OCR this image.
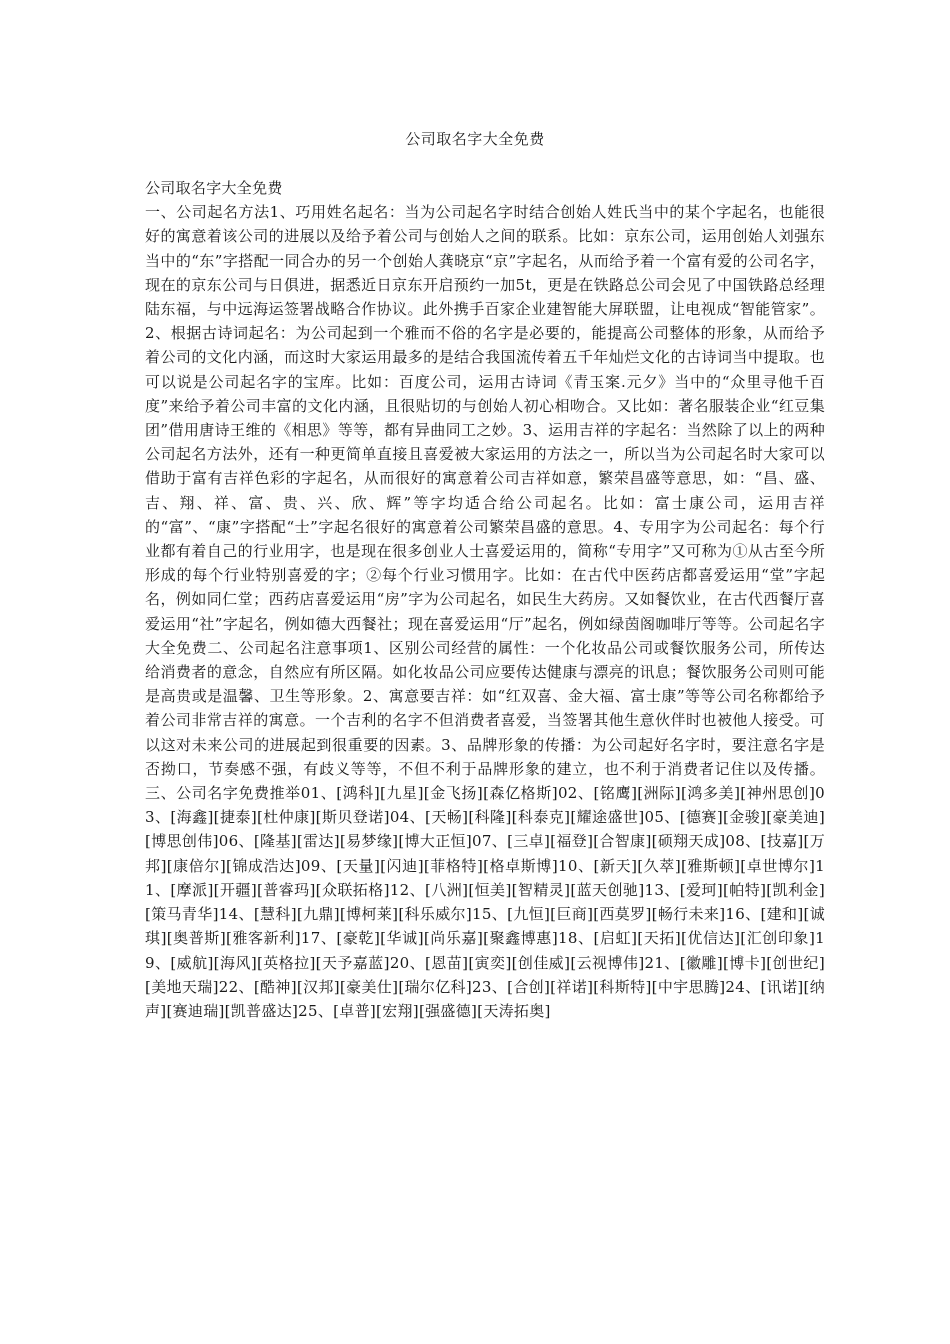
公司取名字大全免费
公司取名字大全免费
一、公司起名方法1、巧用姓名起名：当为公司起名字时结合创始人姓氏当中的某个字起名，也能很好的寓意着该公司的进展以及给予着公司与创始人之间的联系。比如：京东公司，运用创始人刘强东当中的“东”字搭配一同合办的另一个创始人龚晓京“京”字起名，从而给予着一个富有爱的公司名字，现在的京东公司与日俱进，据悉近日京东开启预约一加5t，更是在铁路总公司会见了中国铁路总经理陆东福，与中远海运签署战略合作协议。此外携手百家企业建智能大屏联盟，让电视成“智能管家”。2、根据古诗词起名：为公司起到一个雅而不俗的名字是必要的，能提高公司整体的形象，从而给予着公司的文化内涵，而这时大家运用最多的是结合我国流传着五千年灿烂文化的古诗词当中提取。也可以说是公司起名字的宝库。比如：百度公司，运用古诗词《青玉案.元夕》当中的“众里寻他千百度”来给予着公司丰富的文化内涵，且很贴切的与创始人初心相吻合。又比如：著名服装企业“红豆集团”借用唐诗王维的《相思》等等，都有异曲同工之妙。3、运用吉祥的字起名：当然除了以上的两种公司起名方法外，还有一种更简单直接且喜爱被大家运用的方法之一，所以当为公司起名时大家可以借助于富有吉祥色彩的字起名，从而很好的寓意着公司吉祥如意，繁荣昌盛等意思，如：“昌、盛、吉、翔、祥、富、贵、兴、欣、辉”等字均适合给公司起名。比如：富士康公司，运用吉祥的“富”、“康”字搭配“士”字起名很好的寓意着公司繁荣昌盛的意思。4、专用字为公司起名：每个行业都有着自己的行业用字，也是现在很多创业人士喜爱运用的，简称“专用字”又可称为①从古至今所形成的每个行业特别喜爱的字；②每个行业习惯用字。比如：在古代中医药店都喜爱运用“堂”字起名，例如同仁堂；西药店喜爱运用“房”字为公司起名，如民生大药房。又如餐饮业，在古代西餐厅喜爱运用“社”字起名，例如德大西餐社；现在喜爱运用“厅”起名，例如绿茵阁咖啡厅等等。公司起名字大全免费二、公司起名注意事项1、区别公司经营的属性：一个化妆品公司或餐饮服务公司，所传达给消费者的意念，自然应有所区隔。如化妆品公司应要传达健康与漂亮的讯息；餐饮服务公司则可能是高贵或是温馨、卫生等形象。2、寓意要吉祥：如“红双喜、金大福、富士康”等等公司名称都给予着公司非常吉祥的寓意。一个吉利的名字不但消费者喜爱，当签署其他生意伙伴时也被他人接受。可以这对未来公司的进展起到很重要的因素。3、品牌形象的传播：为公司起好名字时，要注意名字是否拗口，节奏感不强，有歧义等等，不但不利于品牌形象的建立，也不利于消费者记住以及传播。三、公司名字免费推举01、[鸿科][九星][金飞扬][森亿格斯]02、[铭鹰][洲际][鸿多美][神州思创]03、[海鑫][捷泰][杜仲康][斯贝登诺]04、[天畅][科隆][科泰克][耀途盛世]05、[德赛][金骏][豪美迪][博思创伟]06、[隆基][雷达][易梦缘][博大正恒]07、[三卓][福登][合智康][硕翔天成]08、[技嘉][万邦][康倍尔][锦成浩达]09、[天量][闪迪][菲格特][格卓斯博]10、[新天][久萃][雅斯顿][卓世博尔]11、[摩派][开疆][普睿玛][众联拓格]12、[八洲][恒美][智精灵][蓝天创驰]13、[爱珂][帕特][凯利金][策马青华]14、[慧科][九鼎][博柯莱][科乐威尔]15、[九恒][巨商][西莫罗][畅行未来]16、[建和][诚琪][奥普斯][雅客新利]17、[豪乾][华诚][尚乐嘉][聚鑫博惠]18、[启虹][天拓][优信达][汇创印象]19、[威航][海风][英格拉][天予嘉蓝]20、[恩苗][寅奕][创佳威][云视博伟]21、[徽雕][博卡][创世纪][美地天瑞]22、[酷神][汉邦][豪美仕][瑞尔亿科]23、[合创][祥诺][科斯特][中宇思腾]24、[讯诺][纳声][赛迪瑞][凯普盛达]25、[卓普][宏翔][强盛德][天涛拓奥]
